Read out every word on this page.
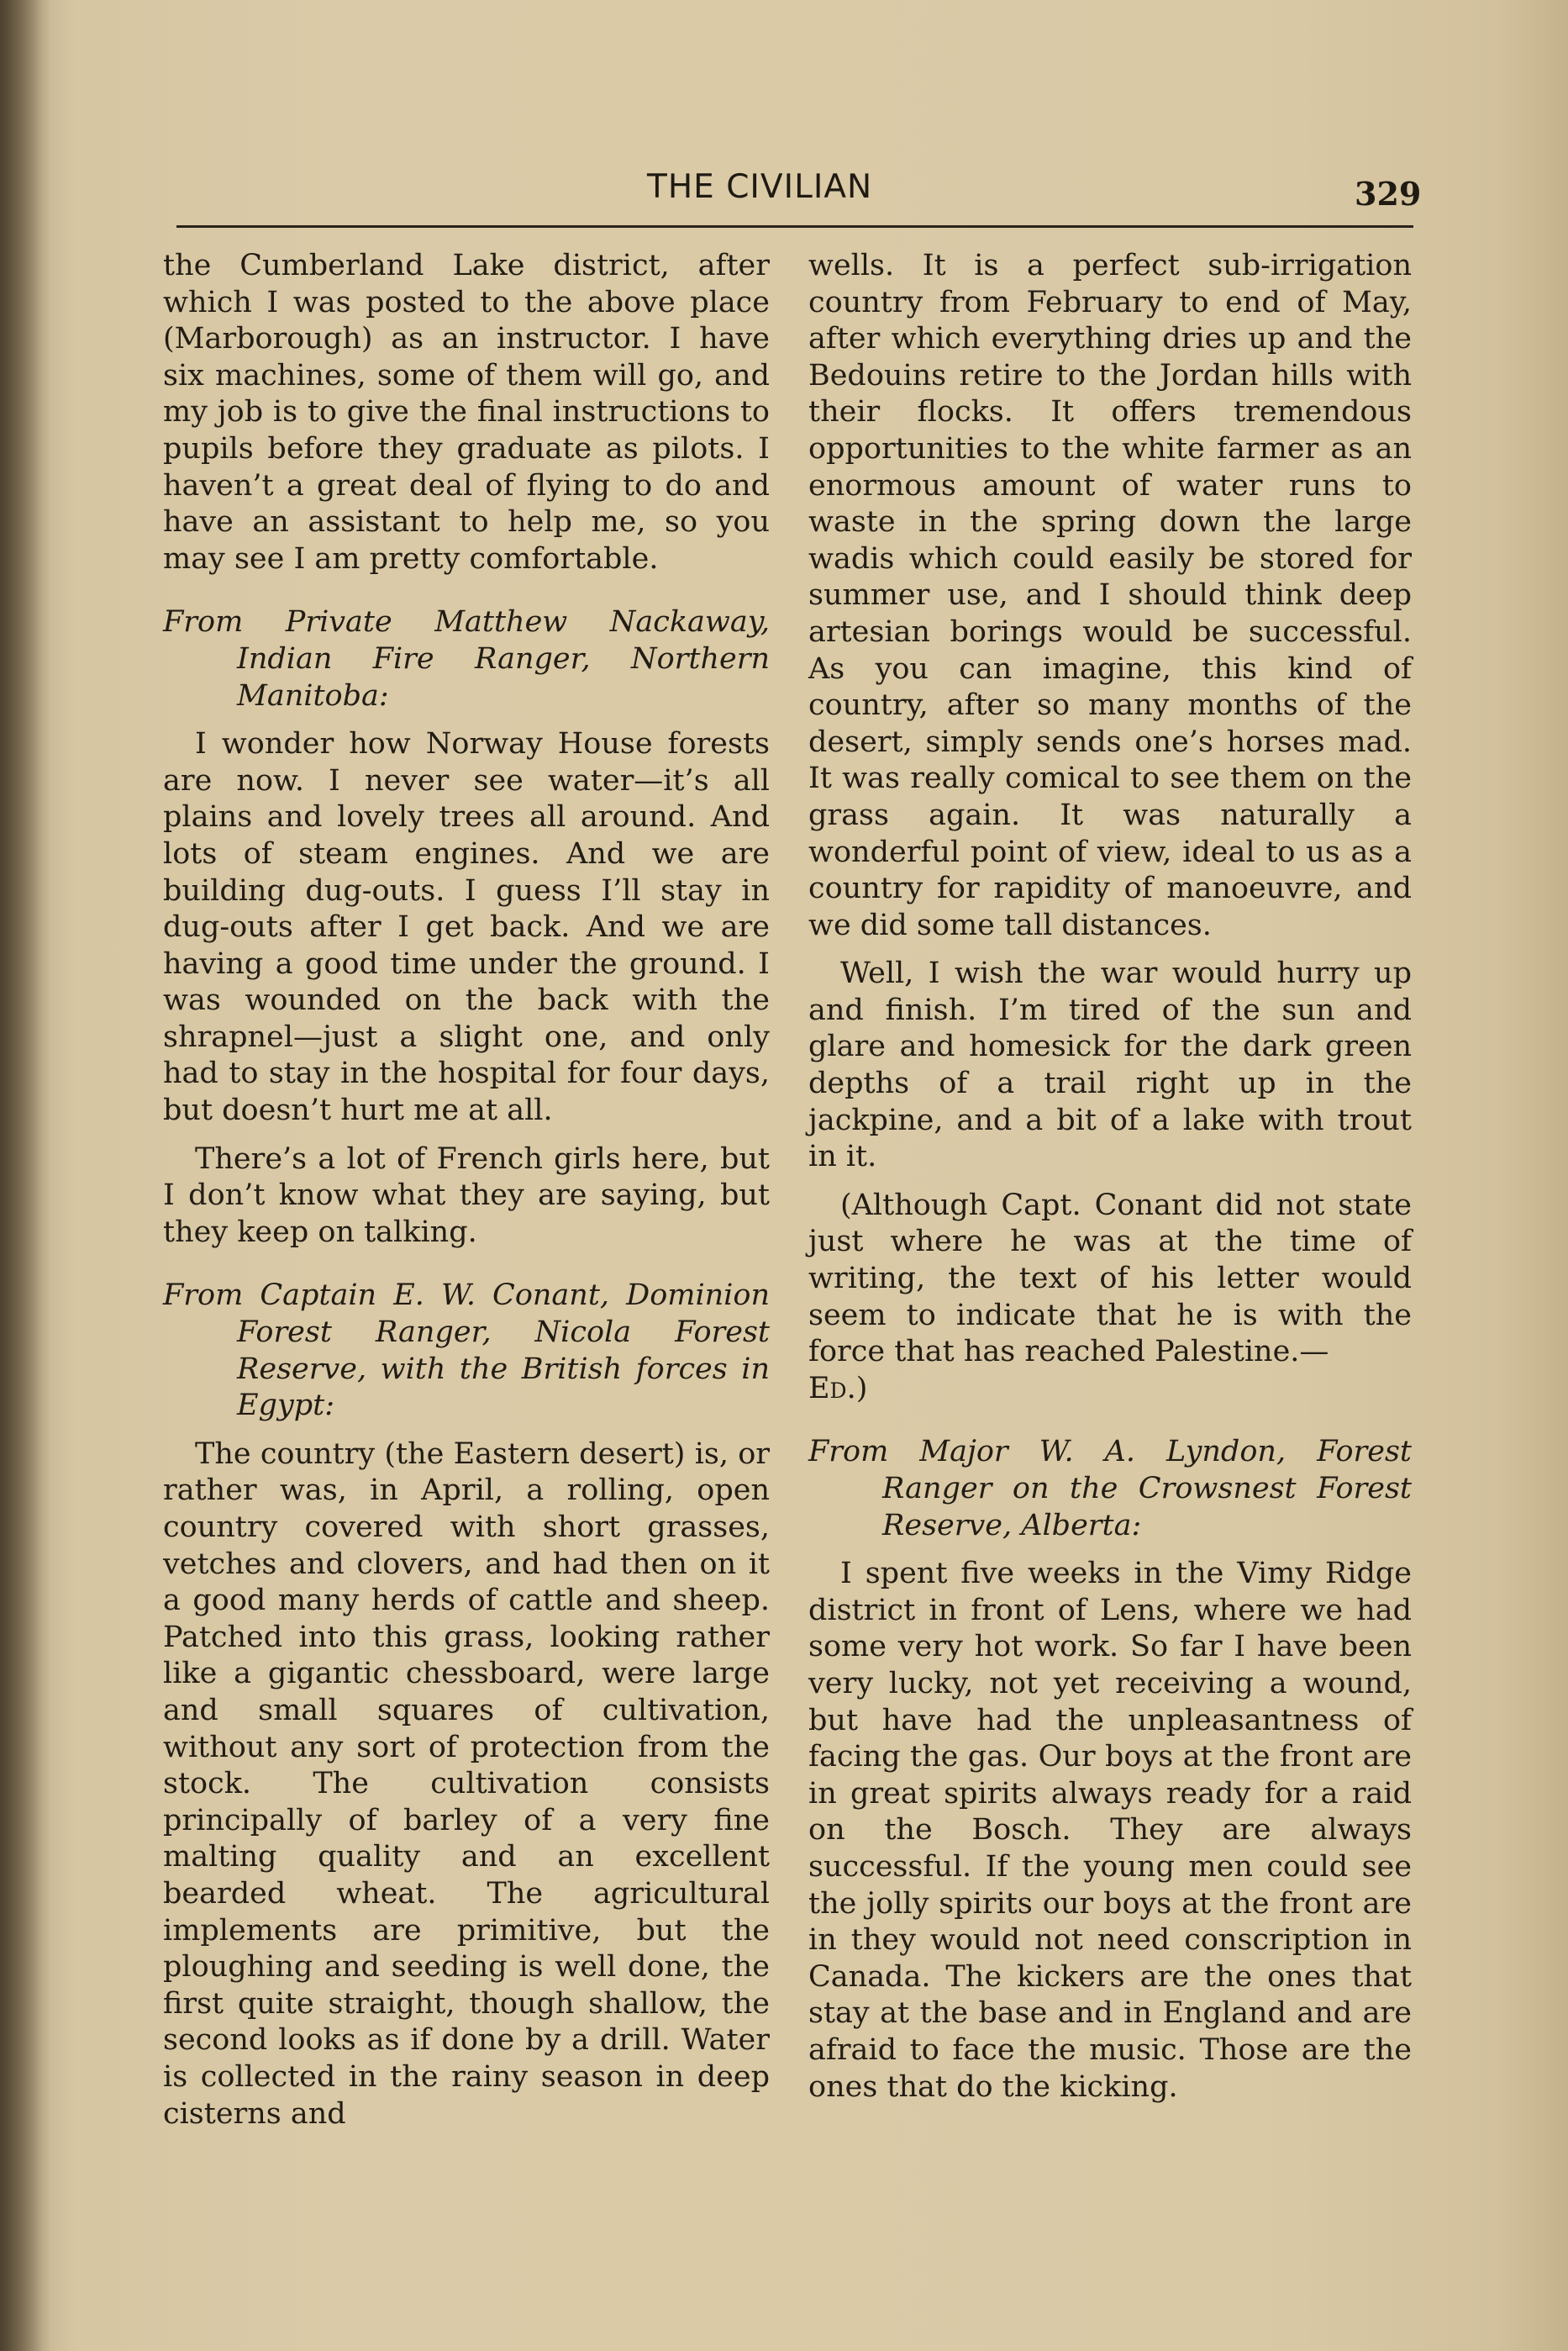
THE CIVILIAN	329

the Cumberland Lake district, after which I was posted to the above place (Marborough) as an instructor. I have six machines, some of them will go, and my job is to give the final instructions to pupils before they graduate as pilots. I haven’t a great deal of flying to do and have an assistant to help me, so you may see I am pretty comfortable.

From Private Matthew Nackaway, Indian Fire Ranger, Northern Manitoba:

I wonder how Norway House forests are now. I never see water—it’s all plains and lovely trees all around. And lots of steam engines. And we are building dug-outs. I guess I’ll stay in dug-outs after I get back. And we are having a good time under the ground. I was wounded on the back with the shrapnel—just a slight one, and only had to stay in the hospital for four days, but doesn’t hurt me at all.

There’s a lot of French girls here, but I don’t know what they are saying, but they keep on talking.

From Captain E. W. Conant, Dominion Forest Ranger, Nicola Forest Reserve, with the British forces in Egypt:

The country (the Eastern desert) is, or rather was, in April, a rolling, open country covered with short grasses, vetches and clovers, and had then on it a good many herds of cattle and sheep. Patched into this grass, looking rather like a gigantic chessboard, were large and small squares of cultivation, without any sort of protection from the stock. The cultivation consists principally of barley of a very fine malting quality and an excellent bearded wheat. The agricultural implements are primitive, but the ploughing and seeding is well done, the first quite straight, though shallow, the second looks as if done by a drill. Water is collected in the rainy season in deep cisterns and

wells. It is a perfect sub-irrigation country from February to end of May, after which everything dries up and the Bedouins retire to the Jordan hills with their flocks. It offers tremendous opportunities to the white farmer as an enormous amount of water runs to waste in the spring down the large wadis which could easily be stored for summer use, and I should think deep artesian borings would be successful. As you can imagine, this kind of country, after so many months of the desert, simply sends one’s horses mad. It was really comical to see them on the grass again. It was naturally a wonderful point of view, ideal to us as a country for rapidity of manoeuvre, and we did some tall distances.

Well, I wish the war would hurry up and finish. I’m tired of the sun and glare and homesick for the dark green depths of a trail right up in the jackpine, and a bit of a lake with trout in it.

(Although Capt. Conant did not state just where he was at the time of writing, the text of his letter would seem to indicate that he is with the force that has reached Palestine.—
Ed.)

From Major W. A. Lyndon, Forest Ranger on the Crowsnest Forest Reserve, Alberta:

I spent five weeks in the Vimy Ridge district in front of Lens, where we had some very hot work. So far I have been very lucky, not yet receiving a wound, but have had the unpleasantness of facing the gas. Our boys at the front are in great spirits always ready for a raid on the Bosch. They are always successful. If the young men could see the jolly spirits our boys at the front are in they would not need conscription in Canada. The kickers are the ones that stay at the base and in England and are afraid to face the music. Those are the ones that do the kicking.
